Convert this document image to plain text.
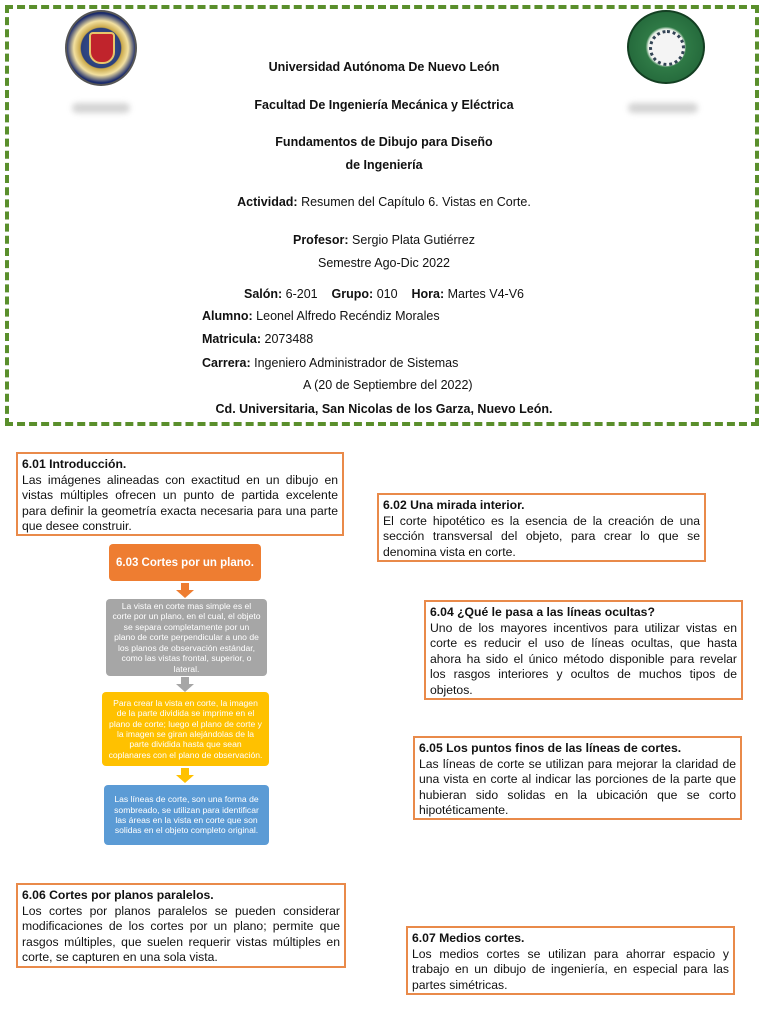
Universidad Autónoma De Nuevo León
Facultad De Ingeniería Mecánica y Eléctrica
Fundamentos de Dibujo para Diseño
de Ingeniería
Actividad: Resumen del Capítulo 6. Vistas en Corte.
Profesor: Sergio Plata Gutiérrez
Semestre Ago-Dic 2022
Salón: 6-201 Grupo: 010 Hora: Martes V4-V6
Alumno: Leonel Alfredo Recéndiz Morales
Matricula: 2073488
Carrera: Ingeniero Administrador de Sistemas
A (20 de Septiembre del 2022)
Cd. Universitaria, San Nicolas de los Garza, Nuevo León.
6.01 Introducción.
Las imágenes alineadas con exactitud en un dibujo en vistas múltiples ofrecen un punto de partida excelente para definir la geometría exacta necesaria para una parte que desee construir.
6.02 Una mirada interior.
El corte hipotético es la esencia de la creación de una sección transversal del objeto, para crear lo que se denomina vista en corte.
6.04 ¿Qué le pasa a las líneas ocultas?
Uno de los mayores incentivos para utilizar vistas en corte es reducir el uso de líneas ocultas, que hasta ahora ha sido el único método disponible para revelar los rasgos interiores y ocultos de muchos tipos de objetos.
6.05 Los puntos finos de las líneas de cortes.
Las líneas de corte se utilizan para mejorar la claridad de una vista en corte al indicar las porciones de la parte que hubieran sido solidas en la ubicación que se corto hipotéticamente.
6.06 Cortes por planos paralelos.
Los cortes por planos paralelos se pueden considerar modificaciones de los cortes por un plano; permite que rasgos múltiples, que suelen requerir vistas múltiples en corte, se capturen en una sola vista.
6.07 Medios cortes.
Los medios cortes se utilizan para ahorrar espacio y trabajo en un dibujo de ingeniería, en especial para las partes simétricas.
6.03 Cortes por un plano.
La vista en corte mas simple es el corte por un plano, en el cual, el objeto se separa completamente por un plano de corte perpendicular a uno de los planos de observación estándar, como las vistas frontal, superior, o lateral.
Para crear la vista en corte, la imagen de la parte dividida se imprime en el plano de corte; luego el plano de corte y la imagen se giran alejándolas de la parte dividida hasta que sean coplanares con el plano de observación.
Las líneas de corte, son una forma de sombreado, se utilizan para identificar las áreas en la vista en corte que son solidas en el objeto completo original.
